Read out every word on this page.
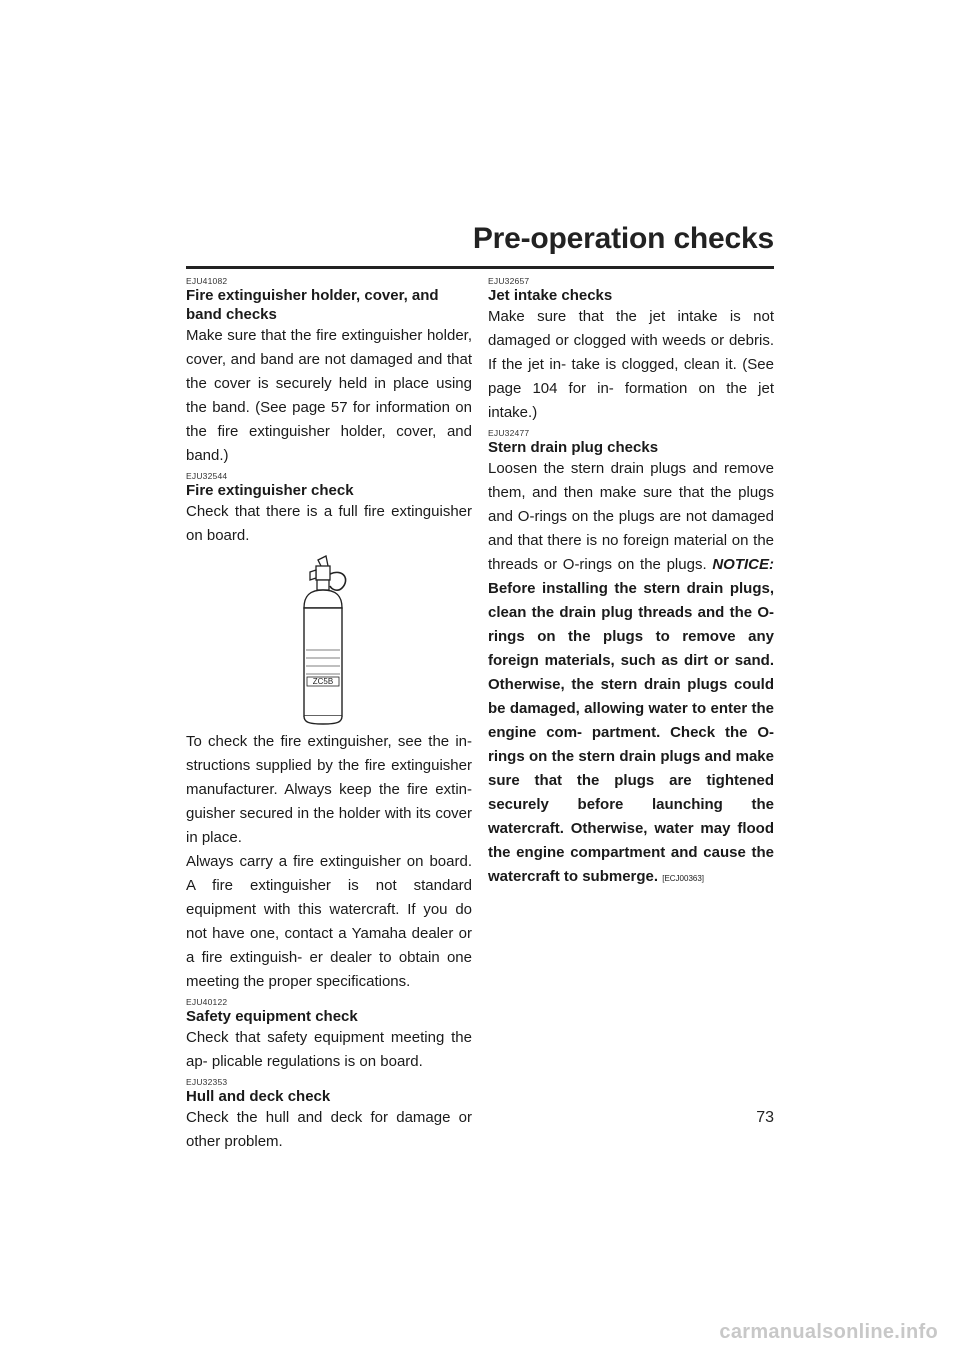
Pre-operation checks

EJU41082

Fire extinguisher holder, cover, and band checks

Make sure that the fire extinguisher holder, cover, and band are not damaged and that the cover is securely held in place using the band. (See page 57 for information on the fire extinguisher holder, cover, and band.)

EJU32544

Fire extinguisher check

Check that there is a full fire extinguisher on board.

ZC5B

To check the fire extinguisher, see the in- structions supplied by the fire extinguisher manufacturer. Always keep the fire extin- guisher secured in the holder with its cover in place.

Always carry a fire extinguisher on board. A fire extinguisher is not standard equipment with this watercraft. If you do not have one, contact a Yamaha dealer or a fire extinguish- er dealer to obtain one meeting the proper specifications.

EJU40122

Safety equipment check

Check that safety equipment meeting the ap- plicable regulations is on board.

EJU32353

Hull and deck check

Check the hull and deck for damage or other problem.

EJU32657

Jet intake checks

Make sure that the jet intake is not damaged or clogged with weeds or debris. If the jet in- take is clogged, clean it. (See page 104 for in- formation on the jet intake.)

EJU32477

Stern drain plug checks

Loosen the stern drain plugs and remove them, and then make sure that the plugs and O-rings on the plugs are not damaged and that there is no foreign material on the threads or O-rings on the plugs. NOTICE: Before installing the stern drain plugs, clean the drain plug threads and the O- rings on the plugs to remove any foreign materials, such as dirt or sand. Otherwise, the stern drain plugs could be damaged, allowing water to enter the engine com- partment. Check the O-rings on the stern drain plugs and make sure that the plugs are tightened securely before launching the watercraft. Otherwise, water may flood the engine compartment and cause the watercraft to submerge. [ECJ00363]

73
carmanualsonline.info
